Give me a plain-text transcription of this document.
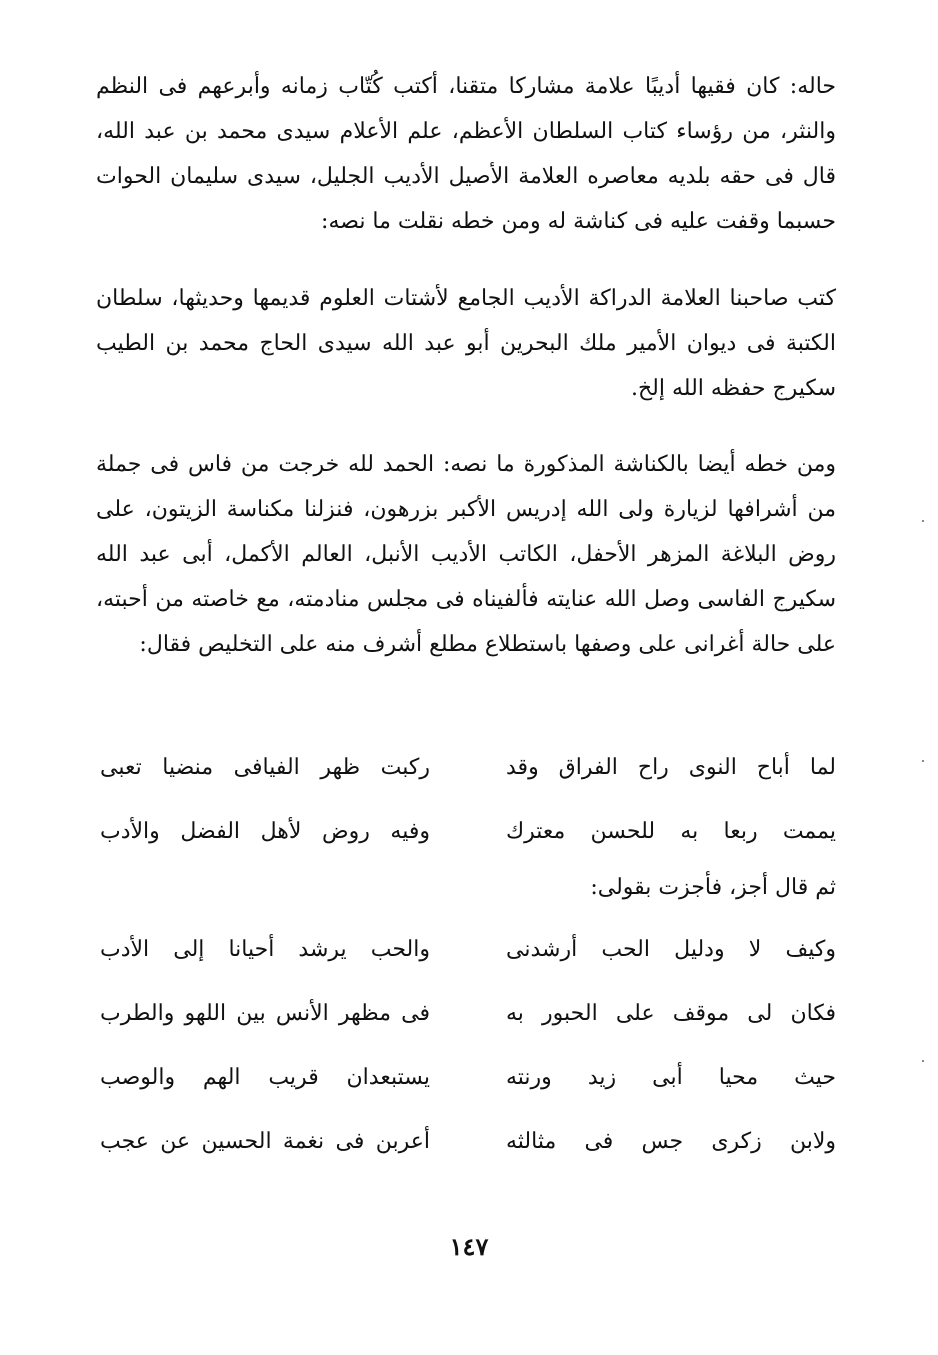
حاله: كان فقيها أديبًا علامة مشاركا متقنا، أكتب كُتّاب زمانه وأبرعهم فى النظم والنثر، من رؤساء كتاب السلطان الأعظم، علم الأعلام سيدى محمد بن عبد الله، قال فى حقه بلديه معاصره العلامة الأصيل الأديب الجليل، سيدى سليمان الحوات حسبما وقفت عليه فى كناشة له ومن خطه نقلت ما نصه:

كتب صاحبنا العلامة الدراكة الأديب الجامع لأشتات العلوم قديمها وحديثها، سلطان الكتبة فى ديوان الأمير ملك البحرين أبو عبد الله سيدى الحاج محمد بن الطيب سكيرج حفظه الله إلخ.

ومن خطه أيضا بالكناشة المذكورة ما نصه: الحمد لله خرجت من فاس فى جملة من أشرافها لزيارة ولى الله إدريس الأكبر بزرهون، فنزلنا مكناسة الزيتون، على روض البلاغة المزهر الأحفل، الكاتب الأديب الأنبل، العالم الأكمل، أبى عبد الله سكيرج الفاسى وصل الله عنايته فألفيناه فى مجلس منادمته، مع خاصته من أحبته، على حالة أغرانى على وصفها باستطلاع مطلع أشرف منه على التخليص فقال:

لما أباح النوى راح الفراق وقد
ركبت ظهر الفيافى منضيا تعبى
يممت ربعا به للحسن معترك
وفيه روض لأهل الفضل والأدب
ثم قال أجز، فأجزت بقولى:
وكيف لا ودليل الحب أرشدنى
والحب يرشد أحيانا إلى الأدب
فكان لى موقف على الحبور به
فى مظهر الأنس بين اللهو والطرب
حيث محيا أبى زيد ورنته
يستبعدان قريب الهم والوصب
ولابن زكرى جس فى مثالثه
أعربن فى نغمة الحسين عن عجب
١٤٧
